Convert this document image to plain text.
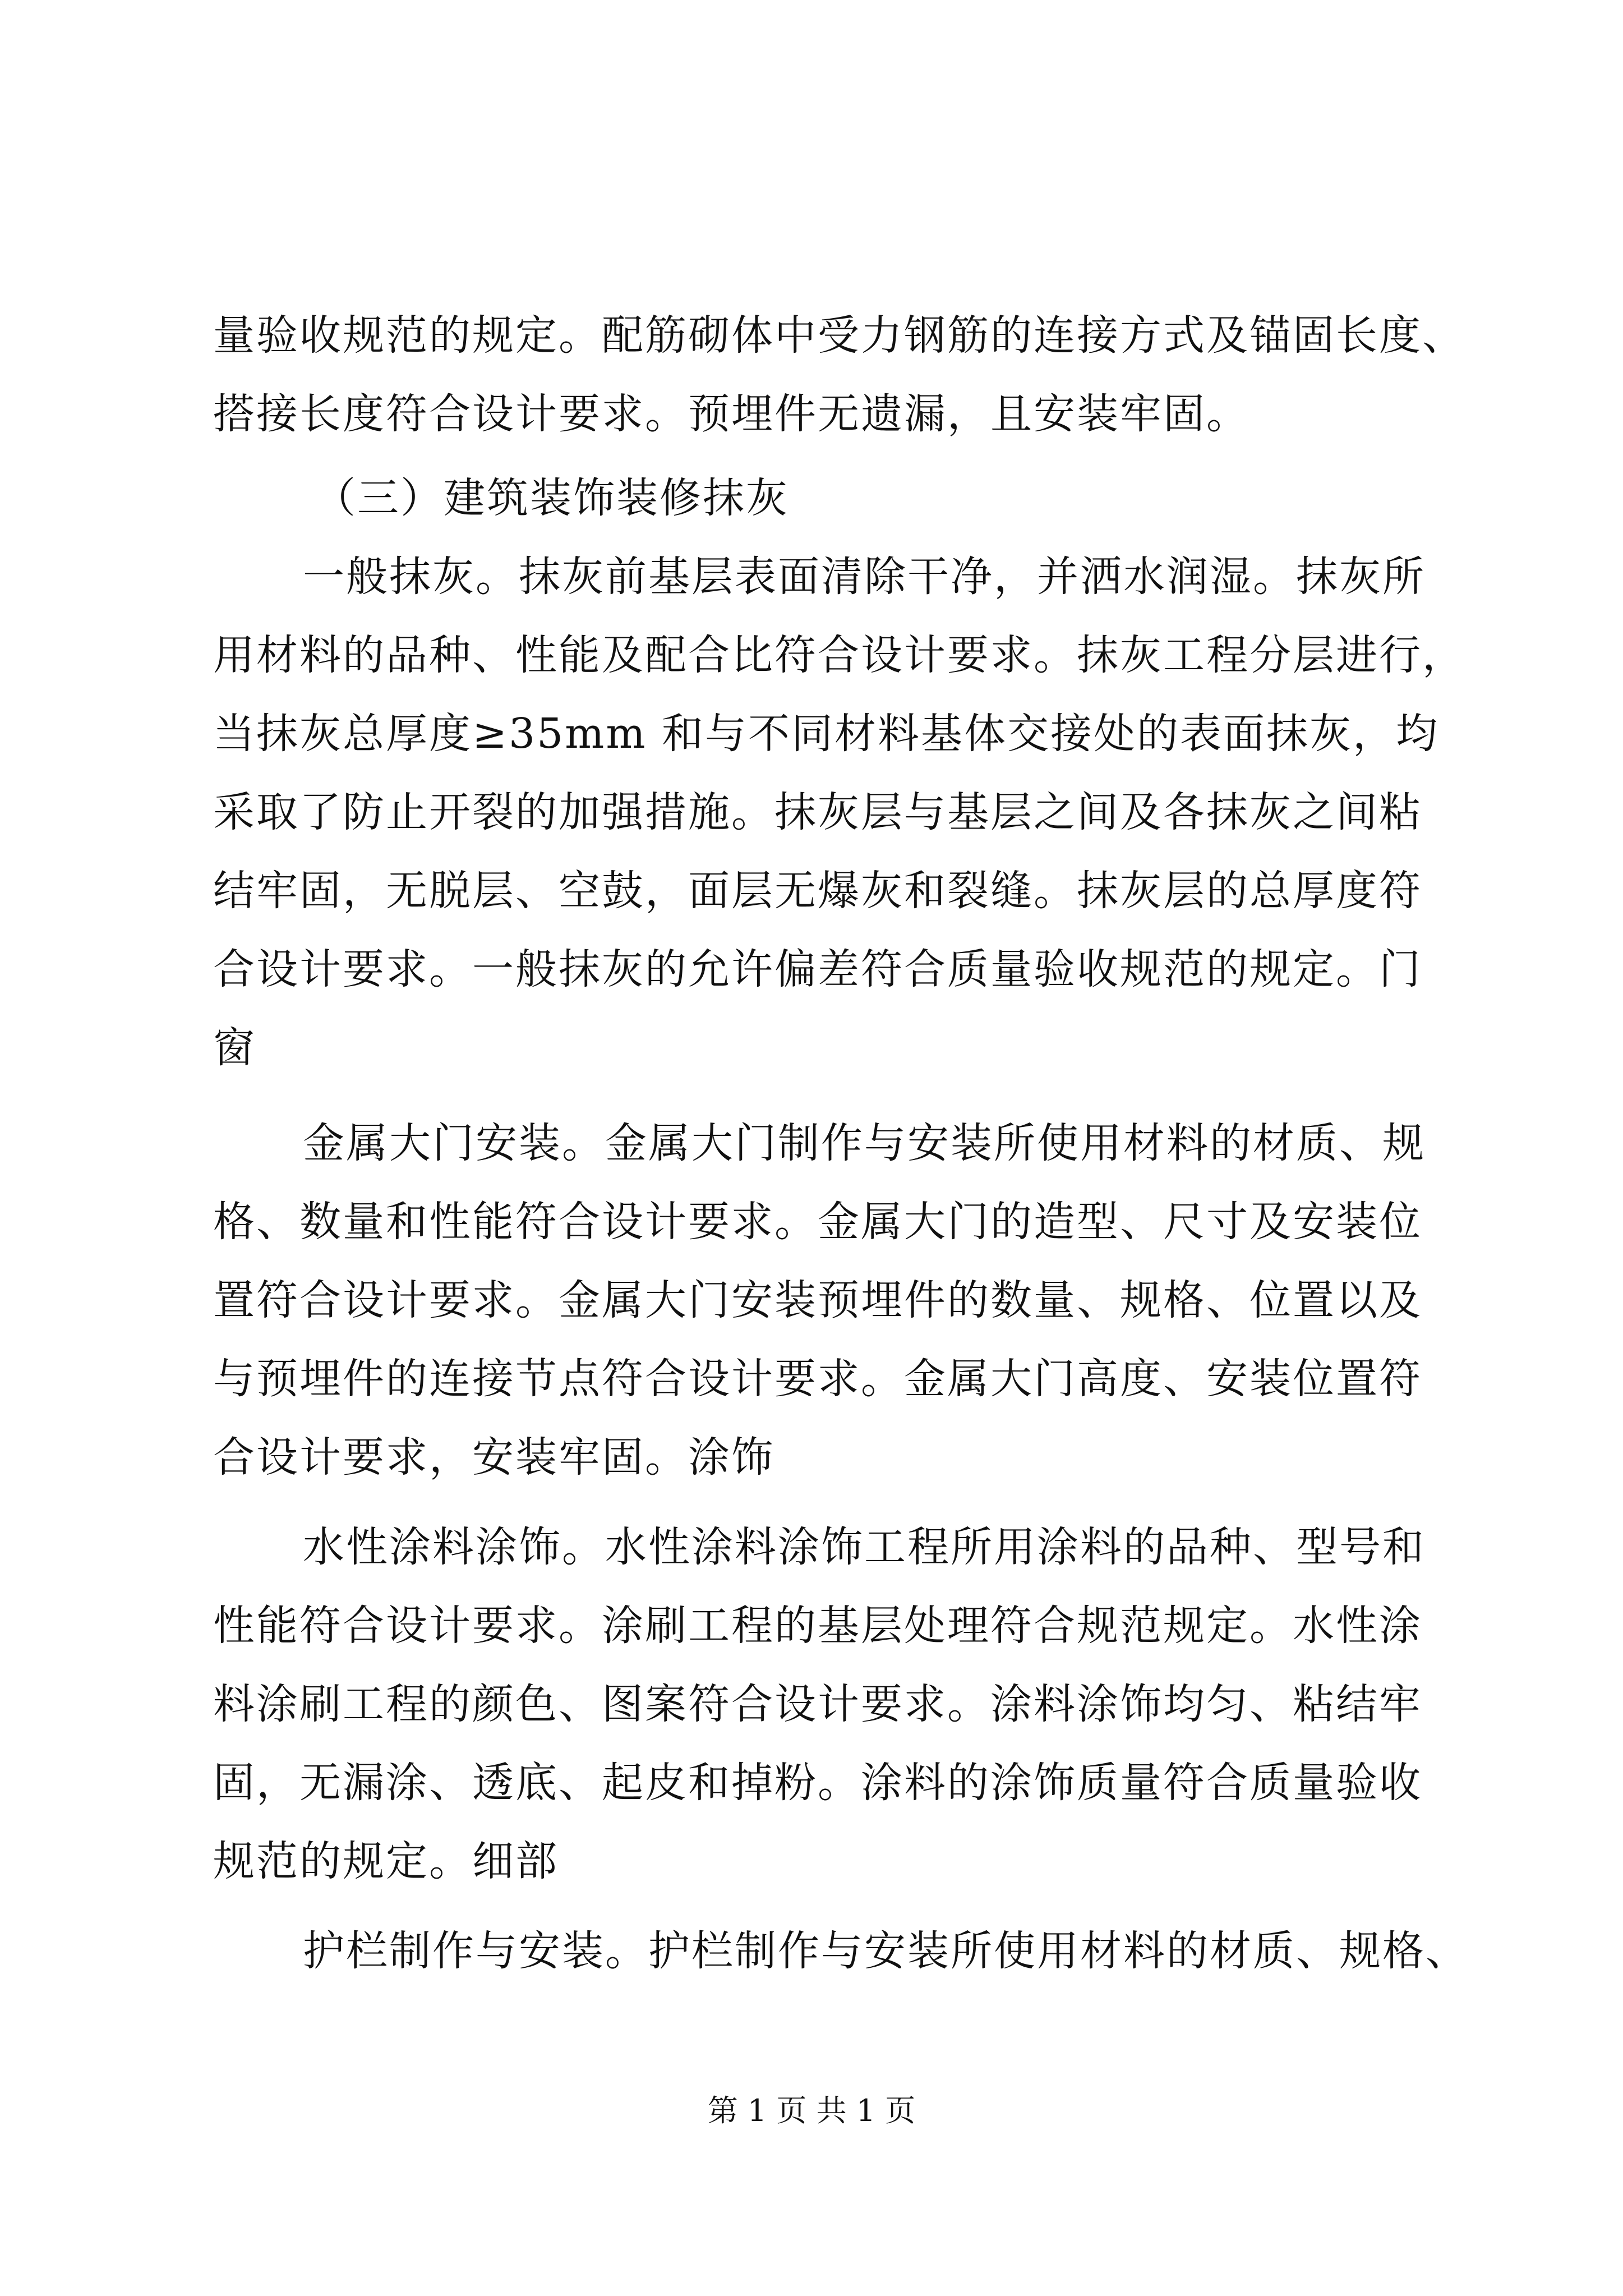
量验收规范的规定。配筋砌体中受力钢筋的连接方式及锚固长度、
搭接长度符合设计要求。预埋件无遗漏，且安装牢固。
（三）建筑装饰装修抹灰
一般抹灰。抹灰前基层表面清除干净，并洒水润湿。抹灰所
用材料的品种、性能及配合比符合设计要求。抹灰工程分层进行，
当抹灰总厚度≥35mm 和与不同材料基体交接处的表面抹灰，均
采取了防止开裂的加强措施。抹灰层与基层之间及各抹灰之间粘
结牢固，无脱层、空鼓，面层无爆灰和裂缝。抹灰层的总厚度符
合设计要求。一般抹灰的允许偏差符合质量验收规范的规定。门
窗
金属大门安装。金属大门制作与安装所使用材料的材质、规
格、数量和性能符合设计要求。金属大门的造型、尺寸及安装位
置符合设计要求。金属大门安装预埋件的数量、规格、位置以及
与预埋件的连接节点符合设计要求。金属大门高度、安装位置符
合设计要求，安装牢固。涂饰
水性涂料涂饰。水性涂料涂饰工程所用涂料的品种、型号和
性能符合设计要求。涂刷工程的基层处理符合规范规定。水性涂
料涂刷工程的颜色、图案符合设计要求。涂料涂饰均匀、粘结牢
固，无漏涂、透底、起皮和掉粉。涂料的涂饰质量符合质量验收
规范的规定。细部
护栏制作与安装。护栏制作与安装所使用材料的材质、规格、
第 1 页 共 1 页
